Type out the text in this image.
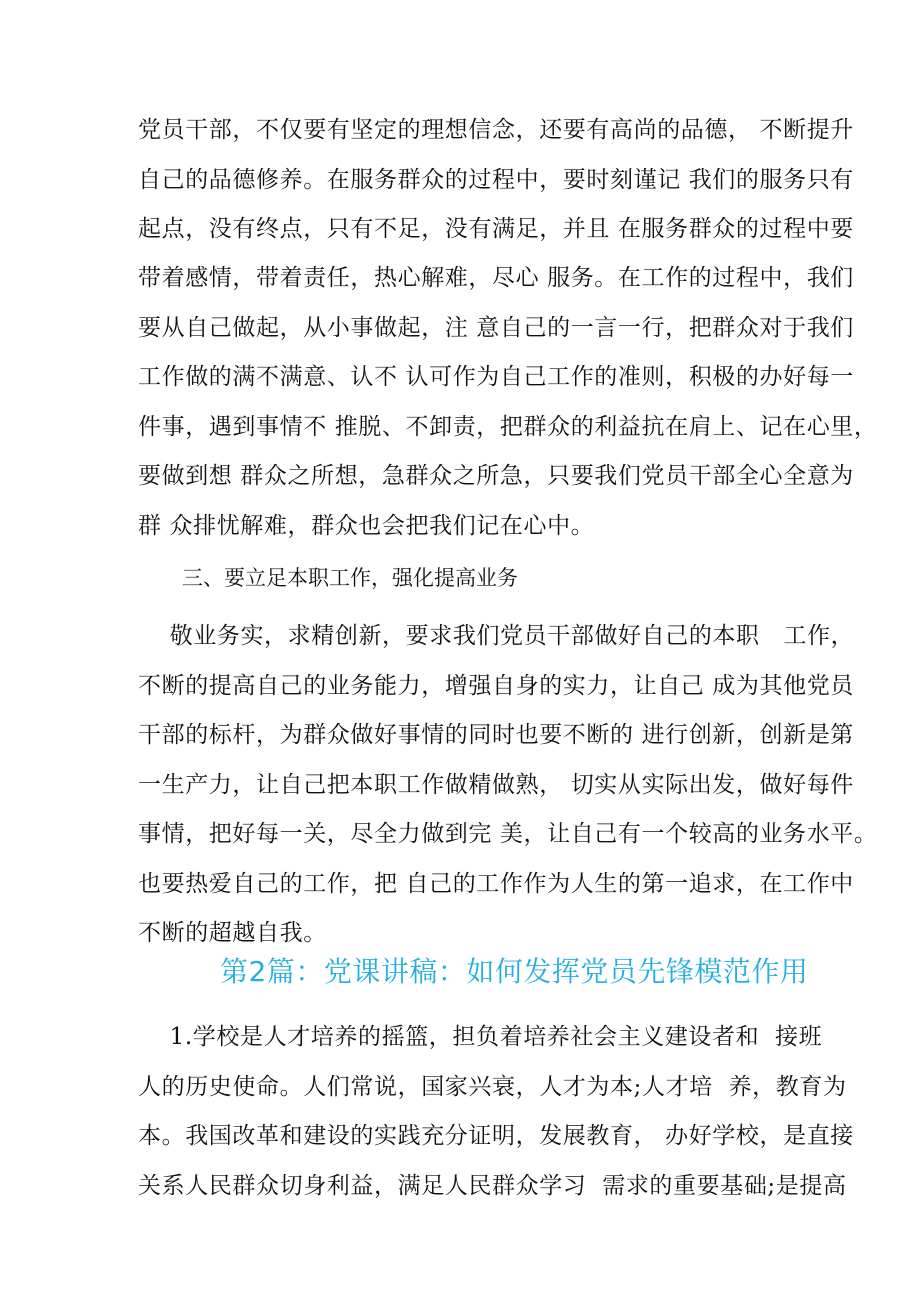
党员干部，不仅要有坚定的理想信念，还要有高尚的品德， 不断提升
自己的品德修养。在服务群众的过程中，要时刻谨记 我们的服务只有
起点，没有终点，只有不足，没有满足，并且 在服务群众的过程中要
带着感情，带着责任，热心解难，尽心 服务。在工作的过程中，我们
要从自己做起，从小事做起，注 意自己的一言一行，把群众对于我们
工作做的满不满意、认不 认可作为自己工作的准则，积极的办好每一
件事，遇到事情不 推脱、不卸责，把群众的利益抗在肩上、记在心里，
要做到想 群众之所想，急群众之所急，只要我们党员干部全心全意为
群 众排忧解难，群众也会把我们记在心中。
三、要立足本职工作，强化提高业务
敬业务实，求精创新，要求我们党员干部做好自己的本职   工作，
不断的提高自己的业务能力，增强自身的实力，让自己 成为其他党员
干部的标杆，为群众做好事情的同时也要不断的 进行创新，创新是第
一生产力，让自己把本职工作做精做熟， 切实从实际出发，做好每件
事情，把好每一关，尽全力做到完 美，让自己有一个较高的业务水平。
也要热爱自己的工作，把 自己的工作作为人生的第一追求，在工作中
不断的超越自我。
第2篇：党课讲稿：如何发挥党员先锋模范作用
1.学校是人才培养的摇篮，担负着培养社会主义建设者和  接班
人的历史使命。人们常说，国家兴衰，人才为本;人才培  养，教育为
本。我国改革和建设的实践充分证明，发展教育， 办好学校，是直接
关系人民群众切身利益，满足人民群众学习  需求的重要基础;是提高
